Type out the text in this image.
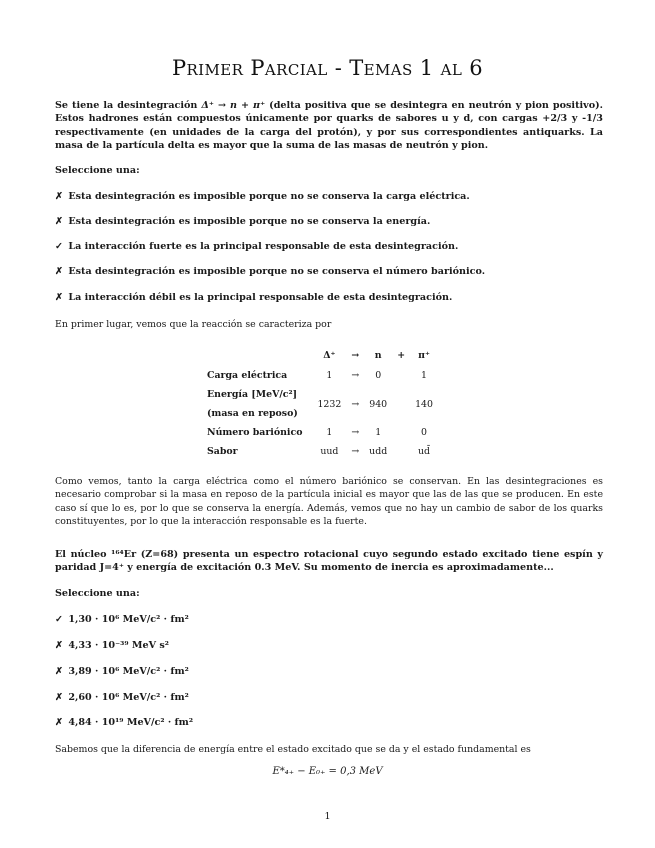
Primer Parcial - Temas 1 al 6
Se tiene la desintegración Δ⁺ → n + π⁺ (delta positiva que se desintegra en neutrón y pion positivo). Estos hadrones están compuestos únicamente por quarks de sabores u y d, con cargas +2/3 y -1/3 respectivamente (en unidades de la carga del protón), y por sus correspondientes antiquarks. La masa de la partícula delta es mayor que la suma de las masas de neutrón y pion.
Seleccione una:
✗ Esta desintegración es imposible porque no se conserva la carga eléctrica.
✗ Esta desintegración es imposible porque no se conserva la energía.
✓ La interacción fuerte es la principal responsable de esta desintegración.
✗ Esta desintegración es imposible porque no se conserva el número bariónico.
✗ La interacción débil es la principal responsable de esta desintegración.
En primer lugar, vemos que la reacción se caracteriza por
	Δ⁺	→	n	+	π⁺
Carga eléctrica	1	→	0		1
Energía [MeV/c²]	1232	→	940		140
(masa en reposo)					
Número bariónico	1	→	1		0
Sabor	uud	→	udd		ud̄
Como vemos, tanto la carga eléctrica como el número bariónico se conservan. En las desintegraciones es necesario comprobar si la masa en reposo de la partícula inicial es mayor que las de las que se producen. En este caso sí que lo es, por lo que se conserva la energía. Además, vemos que no hay un cambio de sabor de los quarks constituyentes, por lo que la interacción responsable es la fuerte.
El núcleo ¹⁶⁴Er (Z=68) presenta un espectro rotacional cuyo segundo estado excitado tiene espín y paridad J=4⁺ y energía de excitación 0.3 MeV. Su momento de inercia es aproximadamente...
Seleccione una:
✓ 1,30 · 10⁶ MeV/c² · fm²
✗ 4,33 · 10⁻³⁹ MeV s²
✗ 3,89 · 10⁶ MeV/c² · fm²
✗ 2,60 · 10⁶ MeV/c² · fm²
✗ 4,84 · 10¹⁹ MeV/c² · fm²
Sabemos que la diferencia de energía entre el estado excitado que se da y el estado fundamental es
E*₄₊ − E₀₊ = 0,3 MeV
1
